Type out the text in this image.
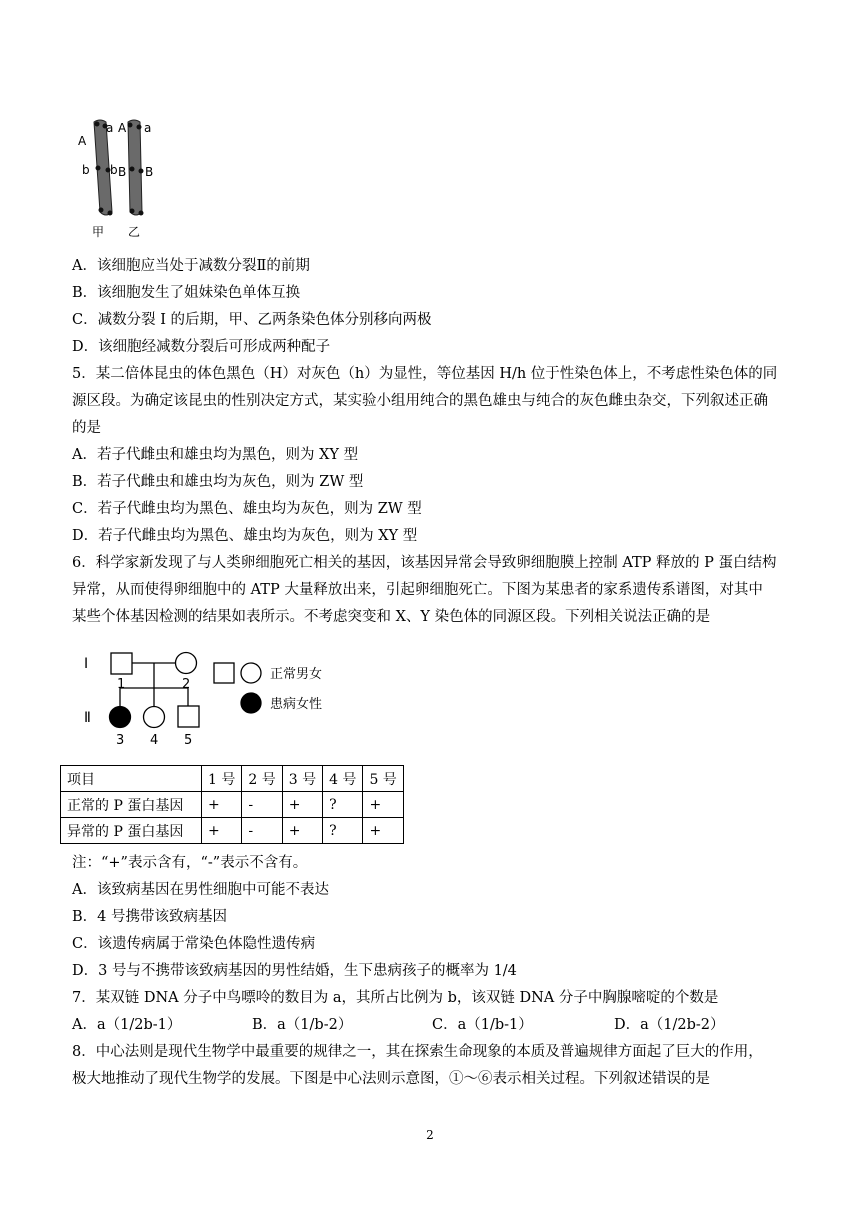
A
a
b b B
A a
B
甲 乙
A．该细胞应当处于减数分裂Ⅱ的前期
B．该细胞发生了姐妹染色单体互换
C．减数分裂 I 的后期，甲、乙两条染色体分别移向两极
D．该细胞经减数分裂后可形成两种配子
5．某二倍体昆虫的体色黑色（H）对灰色（h）为显性，等位基因 H/h 位于性染色体上，不考虑性染色体的同
源区段。为确定该昆虫的性别决定方式，某实验小组用纯合的黑色雄虫与纯合的灰色雌虫杂交，下列叙述正确
的是
A．若子代雌虫和雄虫均为黑色，则为 XY 型
B．若子代雌虫和雄虫均为灰色，则为 ZW 型
C．若子代雌虫均为黑色、雄虫均为灰色，则为 ZW 型
D．若子代雌虫均为黑色、雄虫均为灰色，则为 XY 型
6．科学家新发现了与人类卵细胞死亡相关的基因，该基因异常会导致卵细胞膜上控制 ATP 释放的 P 蛋白结构
异常，从而使得卵细胞中的 ATP 大量释放出来，引起卵细胞死亡。下图为某患者的家系遗传系谱图，对其中
某些个体基因检测的结果如表所示。不考虑突变和 X、Y 染色体的同源区段。下列相关说法正确的是
Ⅰ
Ⅱ
1	2
3 4 5
正常男女
患病女性
项目	1 号	2 号	3 号	4 号	5 号
正常的 P 蛋白基因	+	-	+	?	+
异常的 P 蛋白基因	+	-	+	?	+
注：“+”表示含有，“-”表示不含有。
A．该致病基因在男性细胞中可能不表达
B．4 号携带该致病基因
C．该遗传病属于常染色体隐性遗传病
D．3 号与不携带该致病基因的男性结婚，生下患病孩子的概率为 1/4
7．某双链 DNA 分子中鸟嘌呤的数目为 a，其所占比例为 b，该双链 DNA 分子中胸腺嘧啶的个数是
A．a（1/2b-1）	B．a（1/b-2）	C．a（1/b-1）	D．a（1/2b-2）
8．中心法则是现代生物学中最重要的规律之一，其在探索生命现象的本质及普遍规律方面起了巨大的作用，
极大地推动了现代生物学的发展。下图是中心法则示意图，①～⑥表示相关过程。下列叙述错误的是
2
